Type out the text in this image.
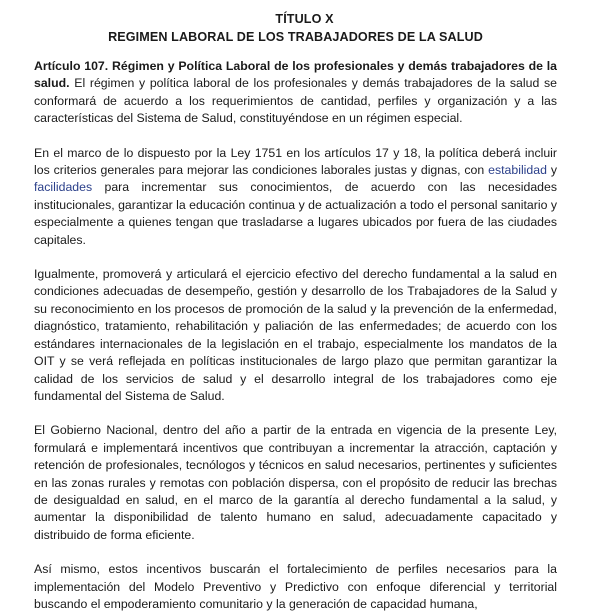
TÍTULO X

REGIMEN LABORAL DE LOS TRABAJADORES DE LA SALUD

Artículo 107. Régimen y Política Laboral de los profesionales y demás trabajadores de la salud. El régimen y política laboral de los profesionales y demás trabajadores de la salud se conformará de acuerdo a los requerimientos de cantidad, perfiles y organización y a las características del Sistema de Salud, constituyéndose en un régimen especial.

En el marco de lo dispuesto por la Ley 1751 en los artículos 17 y 18, la política deberá incluir los criterios generales para mejorar las condiciones laborales justas y dignas, con estabilidad y facilidades para incrementar sus conocimientos, de acuerdo con las necesidades institucionales, garantizar la educación continua y de actualización a todo el personal sanitario y especialmente a quienes tengan que trasladarse a lugares ubicados por fuera de las ciudades capitales.

Igualmente, promoverá y articulará el ejercicio efectivo del derecho fundamental a la salud en condiciones adecuadas de desempeño, gestión y desarrollo de los Trabajadores de la Salud y su reconocimiento en los procesos de promoción de la salud y la prevención de la enfermedad, diagnóstico, tratamiento, rehabilitación y paliación de las enfermedades; de acuerdo con los estándares internacionales de la legislación en el trabajo, especialmente los mandatos de la OIT y se verá reflejada en políticas institucionales de largo plazo que permitan garantizar la calidad de los servicios de salud y el desarrollo integral de los trabajadores como eje fundamental del Sistema de Salud.

El Gobierno Nacional, dentro del año a partir de la entrada en vigencia de la presente Ley, formulará e implementará incentivos que contribuyan a incrementar la atracción, captación y retención de profesionales, tecnólogos y técnicos en salud necesarios, pertinentes y suficientes en las zonas rurales y remotas con población dispersa, con el propósito de reducir las brechas de desigualdad en salud, en el marco de la garantía al derecho fundamental a la salud, y aumentar la disponibilidad de talento humano en salud, adecuadamente capacitado y distribuido de forma eficiente.

Así mismo, estos incentivos buscarán el fortalecimiento de perfiles necesarios para la implementación del Modelo Preventivo y Predictivo con enfoque diferencial y territorial buscando el empoderamiento comunitario y la generación de capacidad humana,
